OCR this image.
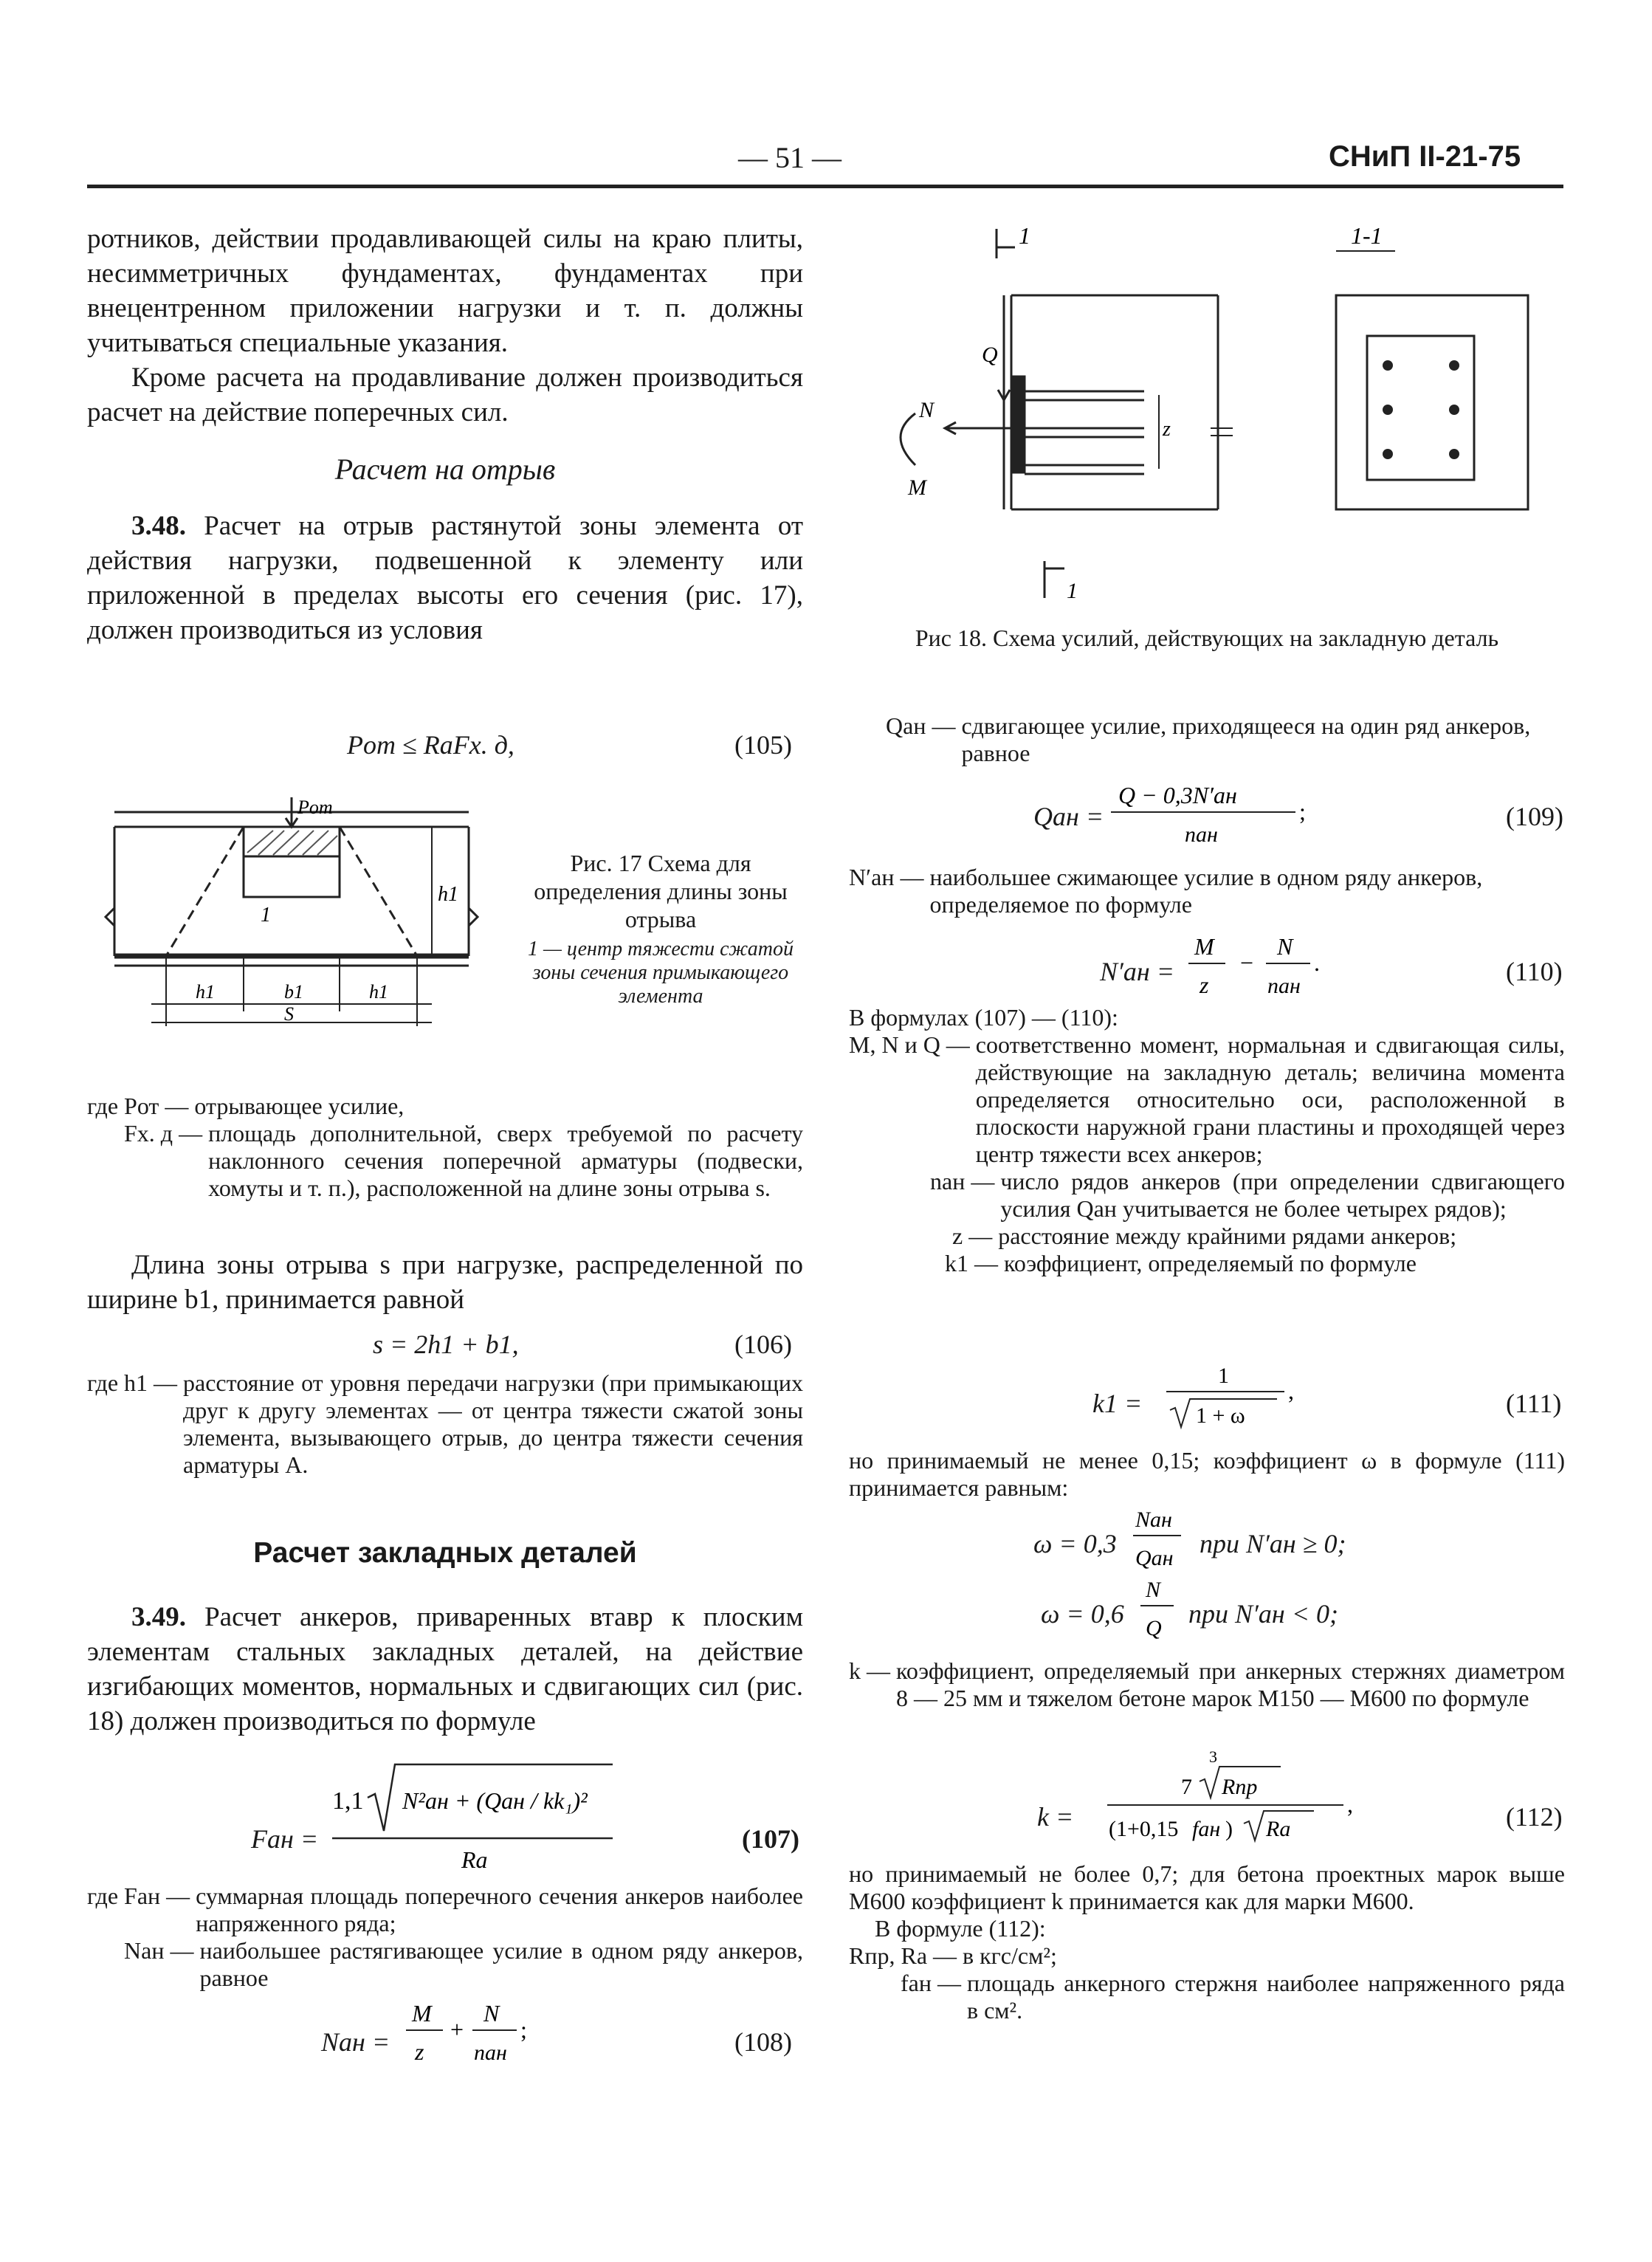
— 51 —	СНиП II-21-75

ротников, действии продавливающей силы на краю плиты, несимметричных фундаментах, фундаментах при внецентренном приложении нагрузки и т. п. должны учитываться специальные указания.

Кроме расчета на продавливание должен производиться расчет на действие поперечных сил.

Расчет на отрыв

3.48. Расчет на отрыв растянутой зоны элемента от действия нагрузки, подвешенной к элементу или приложенной в пределах высоты его сечения (рис. 17), должен производиться из условия

Pот ≤ RaFх. д,	(105)
Pот
h1
1
h1	b1	h1
S
Рис. 17 Схема для определения длины зоны отрыва
1 — центр тяжести сжатой зоны сечения примыкающего элемента
где Pот — отрывающее усилие,
Fх. д — площадь дополнительной, сверх требуемой по расчету наклонного сечения поперечной арматуры (подвески, хомуты и т. п.), расположенной на длине зоны отрыва s.

Длина зоны отрыва s при нагрузке, распределенной по ширине b1, принимается равной

s = 2h1 + b1,	(106)
где h1 — расстояние от уровня передачи нагрузки (при примыкающих друг к другу элементах — от центра тяжести сжатой зоны элемента, вызывающего отрыв, до центра тяжести сечения арматуры A.
Расчет закладных деталей

3.49. Расчет анкеров, приваренных втавр к плоским элементам стальных закладных деталей, на действие изгибающих моментов, нормальных и сдвигающих сил (рис. 18) должен производиться по формуле

Fан =
1,1 N²ан + (Qан / kk₁)²
Ra
(107)
где Fан — суммарная площадь поперечного сечения анкеров наиболее напряженного ряда;
Nан — наибольшее растягивающее усилие в одном ряду анкеров, равное
Nан =
M
z
+
N
nан
;	(108)
1	1-1
Q
N
M
z
1
Рис 18. Схема усилий, действующих на закладную деталь
Qан — сдвигающее усилие, приходящееся на один ряд анкеров, равное
Qан =
Q − 0,3N′ан
nан
;	(109)
N′ан — наибольшее сжимающее усилие в одном ряду анкеров, определяемое по формуле
N′ан =
M
z
−
N
nан
.	(110)
В формулах (107) — (110):
M, N и Q — соответственно момент, нормальная и сдвигающая силы, действующие на закладную деталь; величина момента определяется относительно оси, расположенной в плоскости наружной грани пластины и проходящей через центр тяжести всех анкеров;
nан — число рядов анкеров (при определении сдвигающего усилия Qан учитывается не более четырех рядов);
z — расстояние между крайними рядами анкеров;
k1 — коэффициент, определяемый по формуле
k1 =
1
1 + ω
,	(111)

но принимаемый не менее 0,15; коэффициент ω в формуле (111) принимается равным:

ω = 0,3
Nан
Qан при N′ан ≥ 0;
ω = 0,6
N
Q при N′ан < 0;
k — коэффициент, определяемый при анкерных стержнях диаметром 8 — 25 мм и тяжелом бетоне марок М150 — М600 по формуле
k =
3
7 Rпр
(1+0,15 fан ) Ra
,	(112)

но принимаемый не более 0,7; для бетона проектных марок выше М600 коэффициент k принимается как для марки М600.

В формуле (112):
Rпр, Ra — в кгс/см²;
fан — площадь анкерного стержня наиболее напряженного ряда в см².
